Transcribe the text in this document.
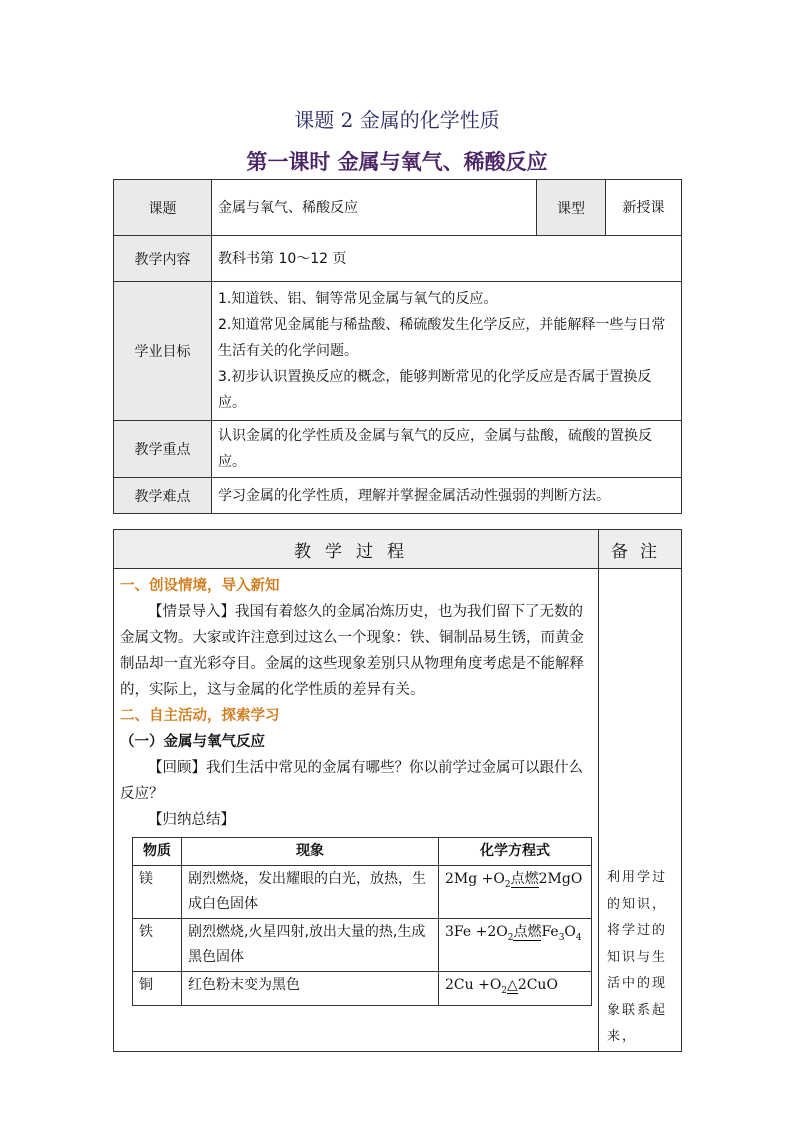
课题 2 金属的化学性质
第一课时 金属与氧气、稀酸反应
课题	金属与氧气、稀酸反应	课型	新授课
教学内容	教科书第 10～12 页		
学业目标	1.知道铁、铝、铜等常见金属与氧气的反应。
2.知道常见金属能与稀盐酸、稀硫酸发生化学反应，并能解释一些与日常生活有关的化学问题。
3.初步认识置换反应的概念，能够判断常见的化学反应是否属于置换反应。		

教学重点	认识金属的化学性质及金属与氧气的反应，金属与盐酸，硫酸的置换反应。		
教学难点	学习金属的化学性质，理解并掌握金属活动性强弱的判断方法。		
教学过程	备注

一、创设情境，导入新知

【情景导入】我国有着悠久的金属冶炼历史，也为我们留下了无数的金属文物。大家或许注意到过这么一个现象：铁、铜制品易生锈，而黄金制品却一直光彩夺目。金属的这些现象差别只从物理角度考虑是不能解释的，实际上，这与金属的化学性质的差异有关。

二、自主活动，探索学习
（一）金属与氧气反应

【回顾】我们生活中常见的金属有哪些？你以前学过金属可以跟什么反应？

【归纳总结】
物质	现象	化学方程式
镁	剧烈燃烧，发出耀眼的白光，放热，生成白色固体	$2Mg +O_2$点燃2MgO
铁	剧烈燃烧,火星四射,放出大量的热,生成黑色固体	$3Fe +2O_2$点燃$Fe_3O_4$
铜	红色粉末变为黑色	$2Cu +O_2\triangle 2CuO$
	利用学过的知识，将学过的知识与生活中的现象联系起来，
